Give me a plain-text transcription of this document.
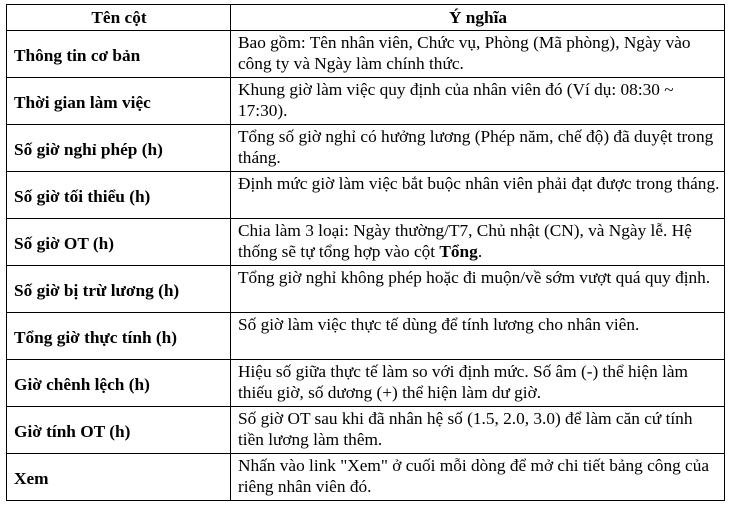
Tên cột	Ý nghĩa
Thông tin cơ bản	Bao gồm: Tên nhân viên, Chức vụ, Phòng (Mã phòng), Ngày vào công ty và Ngày làm chính thức.
Thời gian làm việc	Khung giờ làm việc quy định của nhân viên đó (Ví dụ: 08:30 ~ 17:30).
Số giờ nghỉ phép (h)	Tổng số giờ nghỉ có hưởng lương (Phép năm, chế độ) đã duyệt trong tháng.
Số giờ tối thiểu (h)	Định mức giờ làm việc bắt buộc nhân viên phải đạt được trong tháng.
Số giờ OT (h)	Chia làm 3 loại: Ngày thường/T7, Chủ nhật (CN), và Ngày lễ. Hệ thống sẽ tự tổng hợp vào cột Tổng.
Số giờ bị trừ lương (h)	Tổng giờ nghỉ không phép hoặc đi muộn/về sớm vượt quá quy định.
Tổng giờ thực tính (h)	Số giờ làm việc thực tế dùng để tính lương cho nhân viên.
Giờ chênh lệch (h)	Hiệu số giữa thực tế làm so với định mức. Số âm (-) thể hiện làm thiếu giờ, số dương (+) thể hiện làm dư giờ.
Giờ tính OT (h)	Số giờ OT sau khi đã nhân hệ số (1.5, 2.0, 3.0) để làm căn cứ tính tiền lương làm thêm.
Xem	Nhấn vào link "Xem" ở cuối mỗi dòng để mở chi tiết bảng công của riêng nhân viên đó.
